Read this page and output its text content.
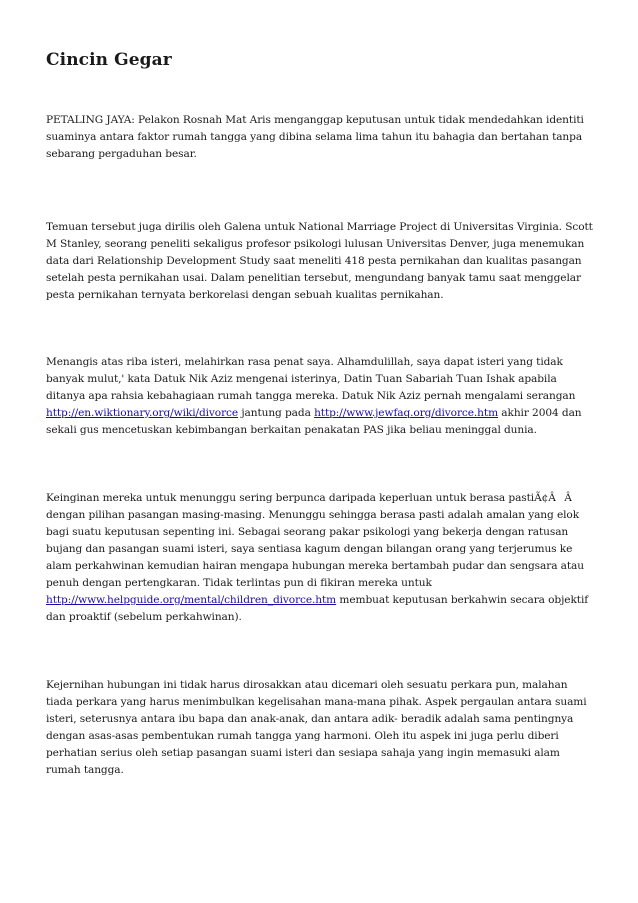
Cincin Gegar

PETALING JAYA: Pelakon Rosnah Mat Aris menganggap keputusan untuk tidak mendedahkan identiti suaminya antara faktor rumah tangga yang dibina selama lima tahun itu bahagia dan bertahan tanpa sebarang pergaduhan besar.

Temuan tersebut juga dirilis oleh Galena untuk National Marriage Project di Universitas Virginia. Scott M Stanley, seorang peneliti sekaligus profesor psikologi lulusan Universitas Denver, juga menemukan data dari Relationship Development Study saat meneliti 418 pesta pernikahan dan kualitas pasangan setelah pesta pernikahan usai. Dalam penelitian tersebut, mengundang banyak tamu saat menggelar pesta pernikahan ternyata berkorelasi dengan sebuah kualitas pernikahan.

Menangis atas riba isteri, melahirkan rasa penat saya. Alhamdulillah, saya dapat isteri yang tidak banyak mulut,' kata Datuk Nik Aziz mengenai isterinya, Datin Tuan Sabariah Tuan Ishak apabila ditanya apa rahsia kebahagiaan rumah tangga mereka. Datuk Nik Aziz pernah mengalami serangan http://en.wiktionary.org/wiki/divorce jantung pada http://www.jewfaq.org/divorce.htm akhir 2004 dan sekali gus mencetuskan kebimbangan berkaitan penakatan PAS jika beliau meninggal dunia.

Keinginan mereka untuk menunggu sering berpunca daripada keperluan untuk berasa pastiÃ¢ÂÂ dengan pilihan pasangan masing-masing. Menunggu sehingga berasa pasti adalah amalan yang elok bagi suatu keputusan sepenting ini. Sebagai seorang pakar psikologi yang bekerja dengan ratusan bujang dan pasangan suami isteri, saya sentiasa kagum dengan bilangan orang yang terjerumus ke alam perkahwinan kemudian hairan mengapa hubungan mereka bertambah pudar dan sengsara atau penuh dengan pertengkaran. Tidak terlintas pun di fikiran mereka untuk http://www.helpguide.org/mental/children_divorce.htm membuat keputusan berkahwin secara objektif dan proaktif (sebelum perkahwinan).

Kejernihan hubungan ini tidak harus dirosakkan atau dicemari oleh sesuatu perkara pun, malahan tiada perkara yang harus menimbulkan kegelisahan mana-mana pihak. Aspek pergaulan antara suami isteri, seterusnya antara ibu bapa dan anak-anak, dan antara adik- beradik adalah sama pentingnya dengan asas-asas pembentukan rumah tangga yang harmoni. Oleh itu aspek ini juga perlu diberi perhatian serius oleh setiap pasangan suami isteri dan sesiapa sahaja yang ingin memasuki alam rumah tangga.
